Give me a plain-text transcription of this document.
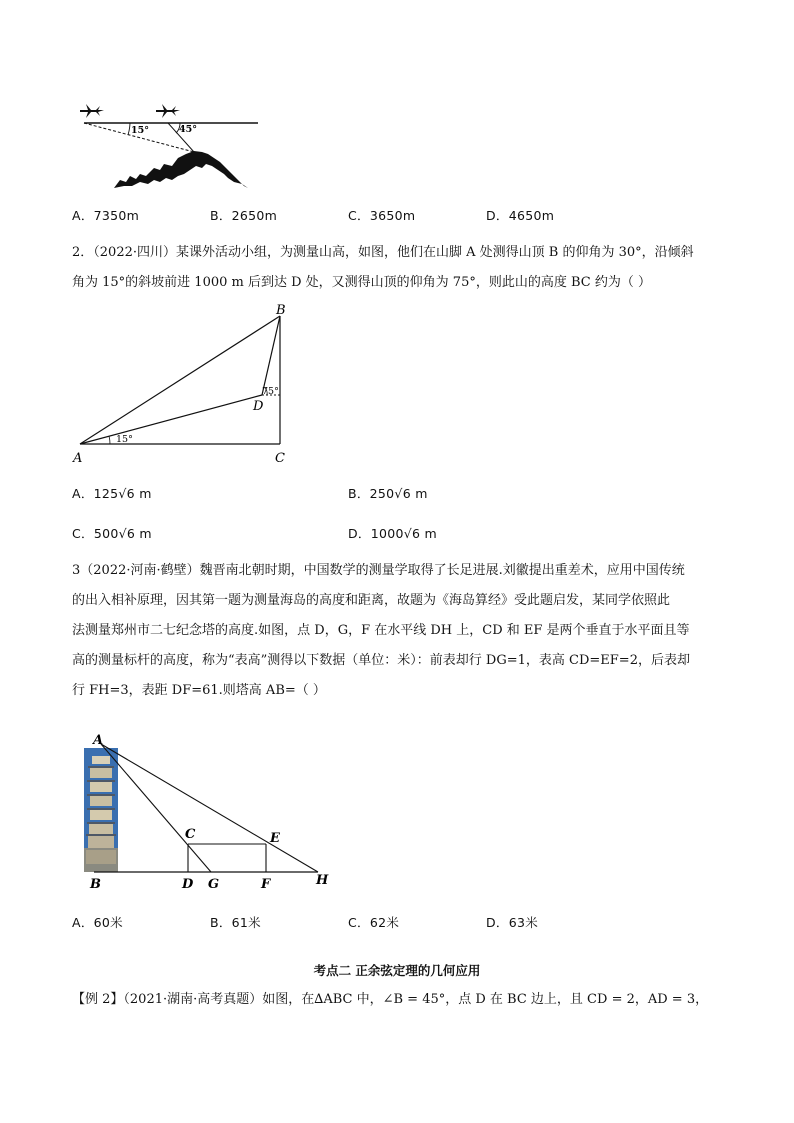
15°	45°
A．7350m	B．2650m	C．3650m	D．4650m
2．（2022·四川）某课外活动小组，为测量山高，如图，他们在山脚 A 处测得山顶 B 的仰角为 30°，沿倾斜
角为 15°的斜坡前进 1000 m 后到达 D 处，又测得山顶的仰角为 75°，则此山的高度 BC 约为（ ）
15°
75°
A
B
C
D
A．125√6 m	B．250√6 m
C．500√6 m	D．1000√6 m
3（2022·河南·鹤壁）魏晋南北朝时期，中国数学的测量学取得了长足进展.刘徽提出重差术，应用中国传统
的出入相补原理，因其第一题为测量海岛的高度和距离，故题为《海岛算经》受此题启发，某同学依照此
法测量郑州市二七纪念塔的高度.如图，点 D，G，F 在水平线 DH 上，CD 和 EF 是两个垂直于水平面且等
高的测量标杆的高度，称为“表高”测得以下数据（单位：米）：前表却行 DG=1，表高 CD=EF=2，后表却
行 FH=3，表距 DF=61.则塔高 AB=（ ）
A
B
C
D
E
F
G	H
A．60米	B．61米	C．62米	D．63米
考点二 正余弦定理的几何应用
【例 2】（2021·湖南·高考真题）如图，在∆ABC 中，∠B = 45°，点 D 在 BC 边上，且 CD = 2，AD = 3，
